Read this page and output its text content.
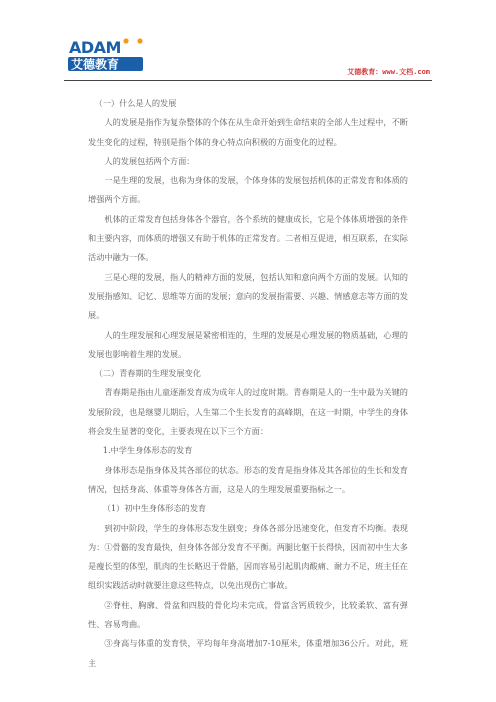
ADAM
艾德教育
艾德教育：www.文档.com

（一）什么是人的发展

人的发展是指作为复杂整体的个体在从生命开始到生命结束的全部人生过程中，不断发生变化的过程，特别是指个体的身心特点向积极的方面变化的过程。

人的发展包括两个方面：

一是生理的发展，也称为身体的发展，个体身体的发展包括机体的正常发育和体质的增强两个方面。

机体的正常发育包括身体各个器官，各个系统的健康成长，它是个体体质增强的条件和主要内容，而体质的增强又有助于机体的正常发育。二者相互促进，相互联系，在实际活动中融为一体。

三是心理的发展，指人的精神方面的发展，包括认知和意向两个方面的发展。认知的发展指感知、记忆、思维等方面的发展；意向的发展指需要、兴趣、情感意志等方面的发展。

人的生理发展和心理发展是紧密相连的，生理的发展是心理发展的物质基础，心理的发展也影响着生理的发展。

（二）青春期的生理发展变化

青春期是指由儿童逐渐发育成为成年人的过度时期。青春期是人的一生中最为关键的发展阶段，也是继婴儿期后，人生第二个生长发育的高峰期，在这一时期，中学生的身体将会发生显著的变化，主要表现在以下三个方面：

1.中学生身体形态的发育

身体形态是指身体及其各部位的状态。形态的发育是指身体及其各部位的生长和发育情况，包括身高、体重等身体各方面，这是人的生理发展重要指标之一。

（1）初中生身体形态的发育

到初中阶段，学生的身体形态发生剧变；身体各部分迅速变化，但发育不均衡。表现为：①骨骼的发育最快，但身体各部分发育不平衡。两腿比躯干长得快，因而初中生大多是瘦长型的体型，肌肉的生长略迟于骨骼，因而容易引起肌肉酸痛、耐力不足，班主任在组织实践活动时就要注意这些特点，以免出现伤亡事故。

②脊柱、胸廓、骨盆和四肢的骨化均未完成，骨富含钙质较少，比较柔软、富有弹性、容易弯曲。

③身高与体重的发育快，平均每年身高增加7-10厘米，体重增加36公斤。对此，班主
